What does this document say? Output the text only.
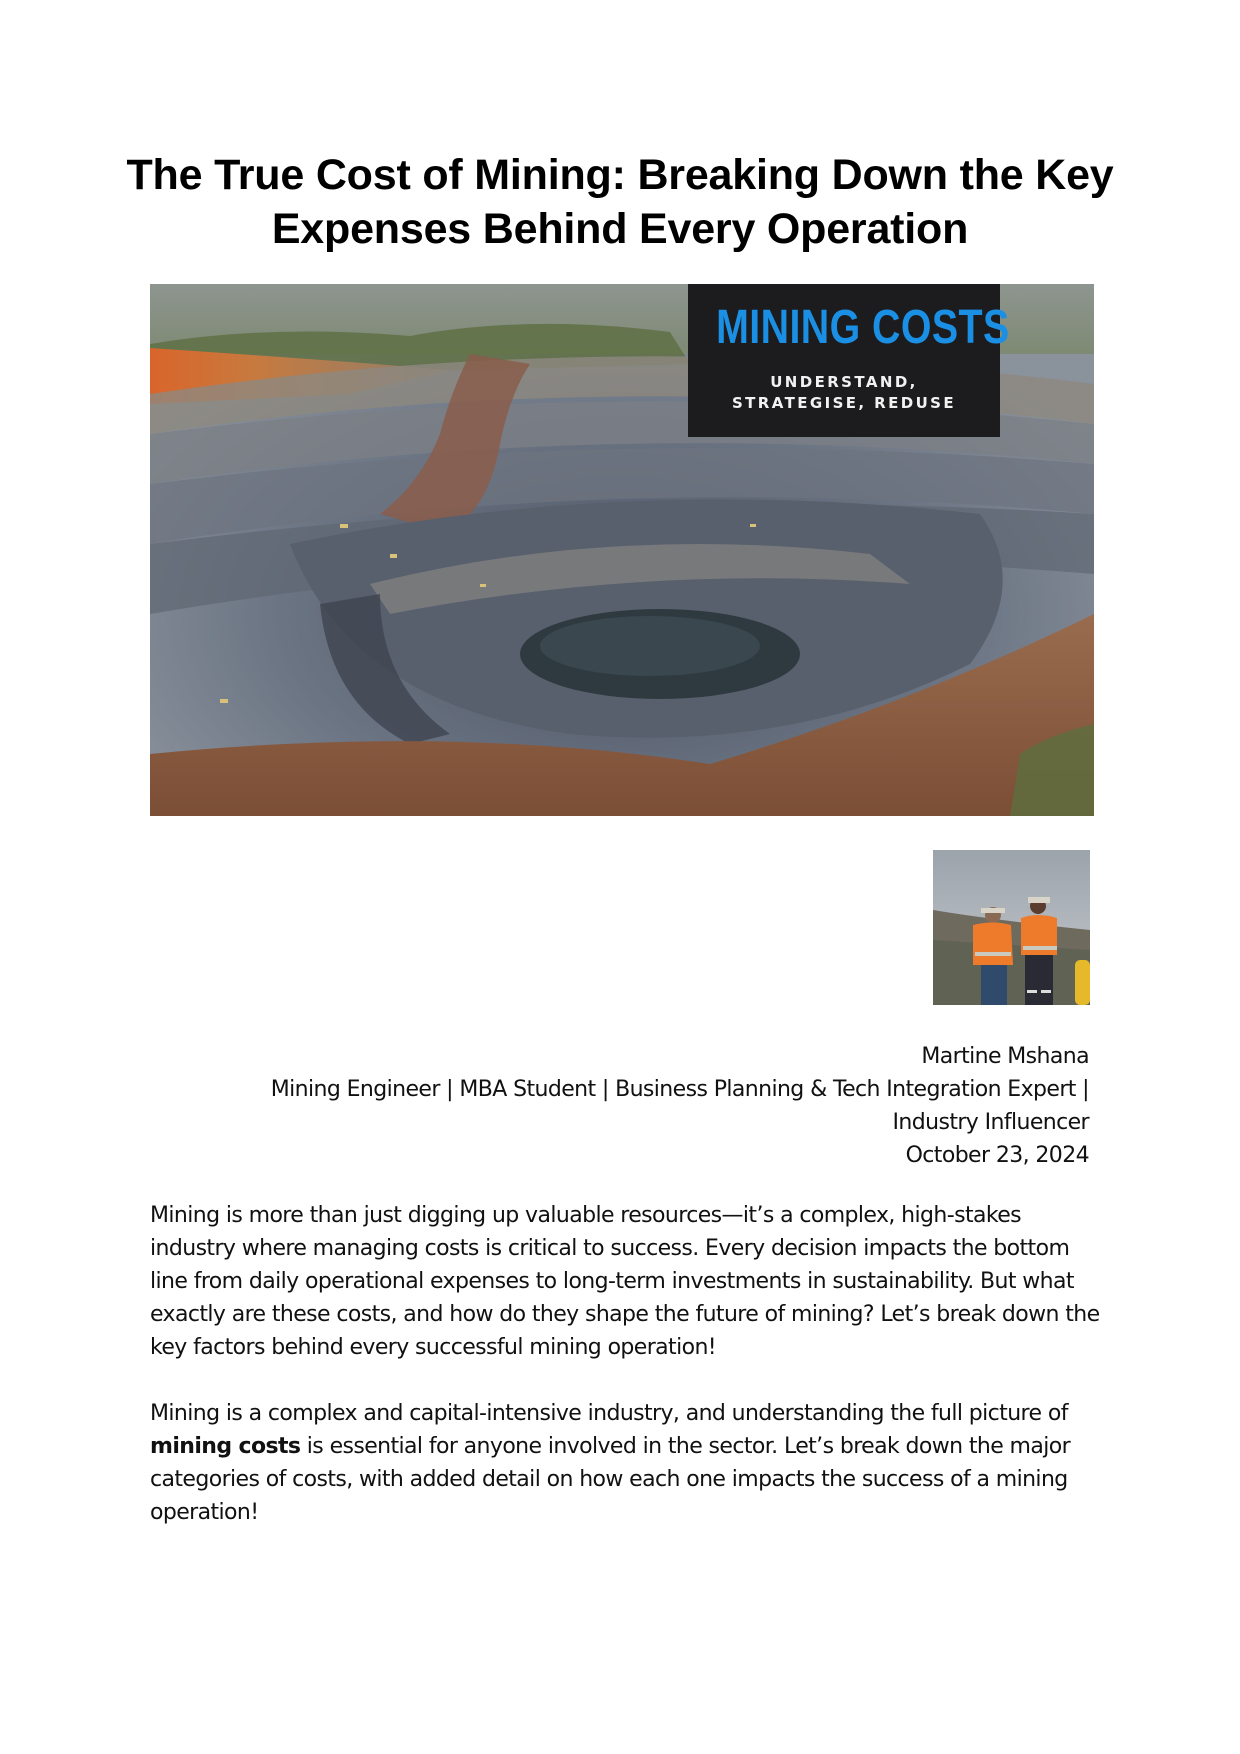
The True Cost of Mining: Breaking Down the Key Expenses Behind Every Operation
MINING COSTS
UNDERSTAND,
STRATEGISE, REDUSE
Martine Mshana
Mining Engineer | MBA Student | Business Planning & Tech Integration Expert |
Industry Influencer
October 23, 2024

Mining is more than just digging up valuable resources—it’s a complex, high-stakes industry where managing costs is critical to success. Every decision impacts the bottom line from daily operational expenses to long-term investments in sustainability. But what exactly are these costs, and how do they shape the future of mining? Let’s break down the key factors behind every successful mining operation!

Mining is a complex and capital-intensive industry, and understanding the full picture of mining costs is essential for anyone involved in the sector. Let’s break down the major categories of costs, with added detail on how each one impacts the success of a mining operation!
